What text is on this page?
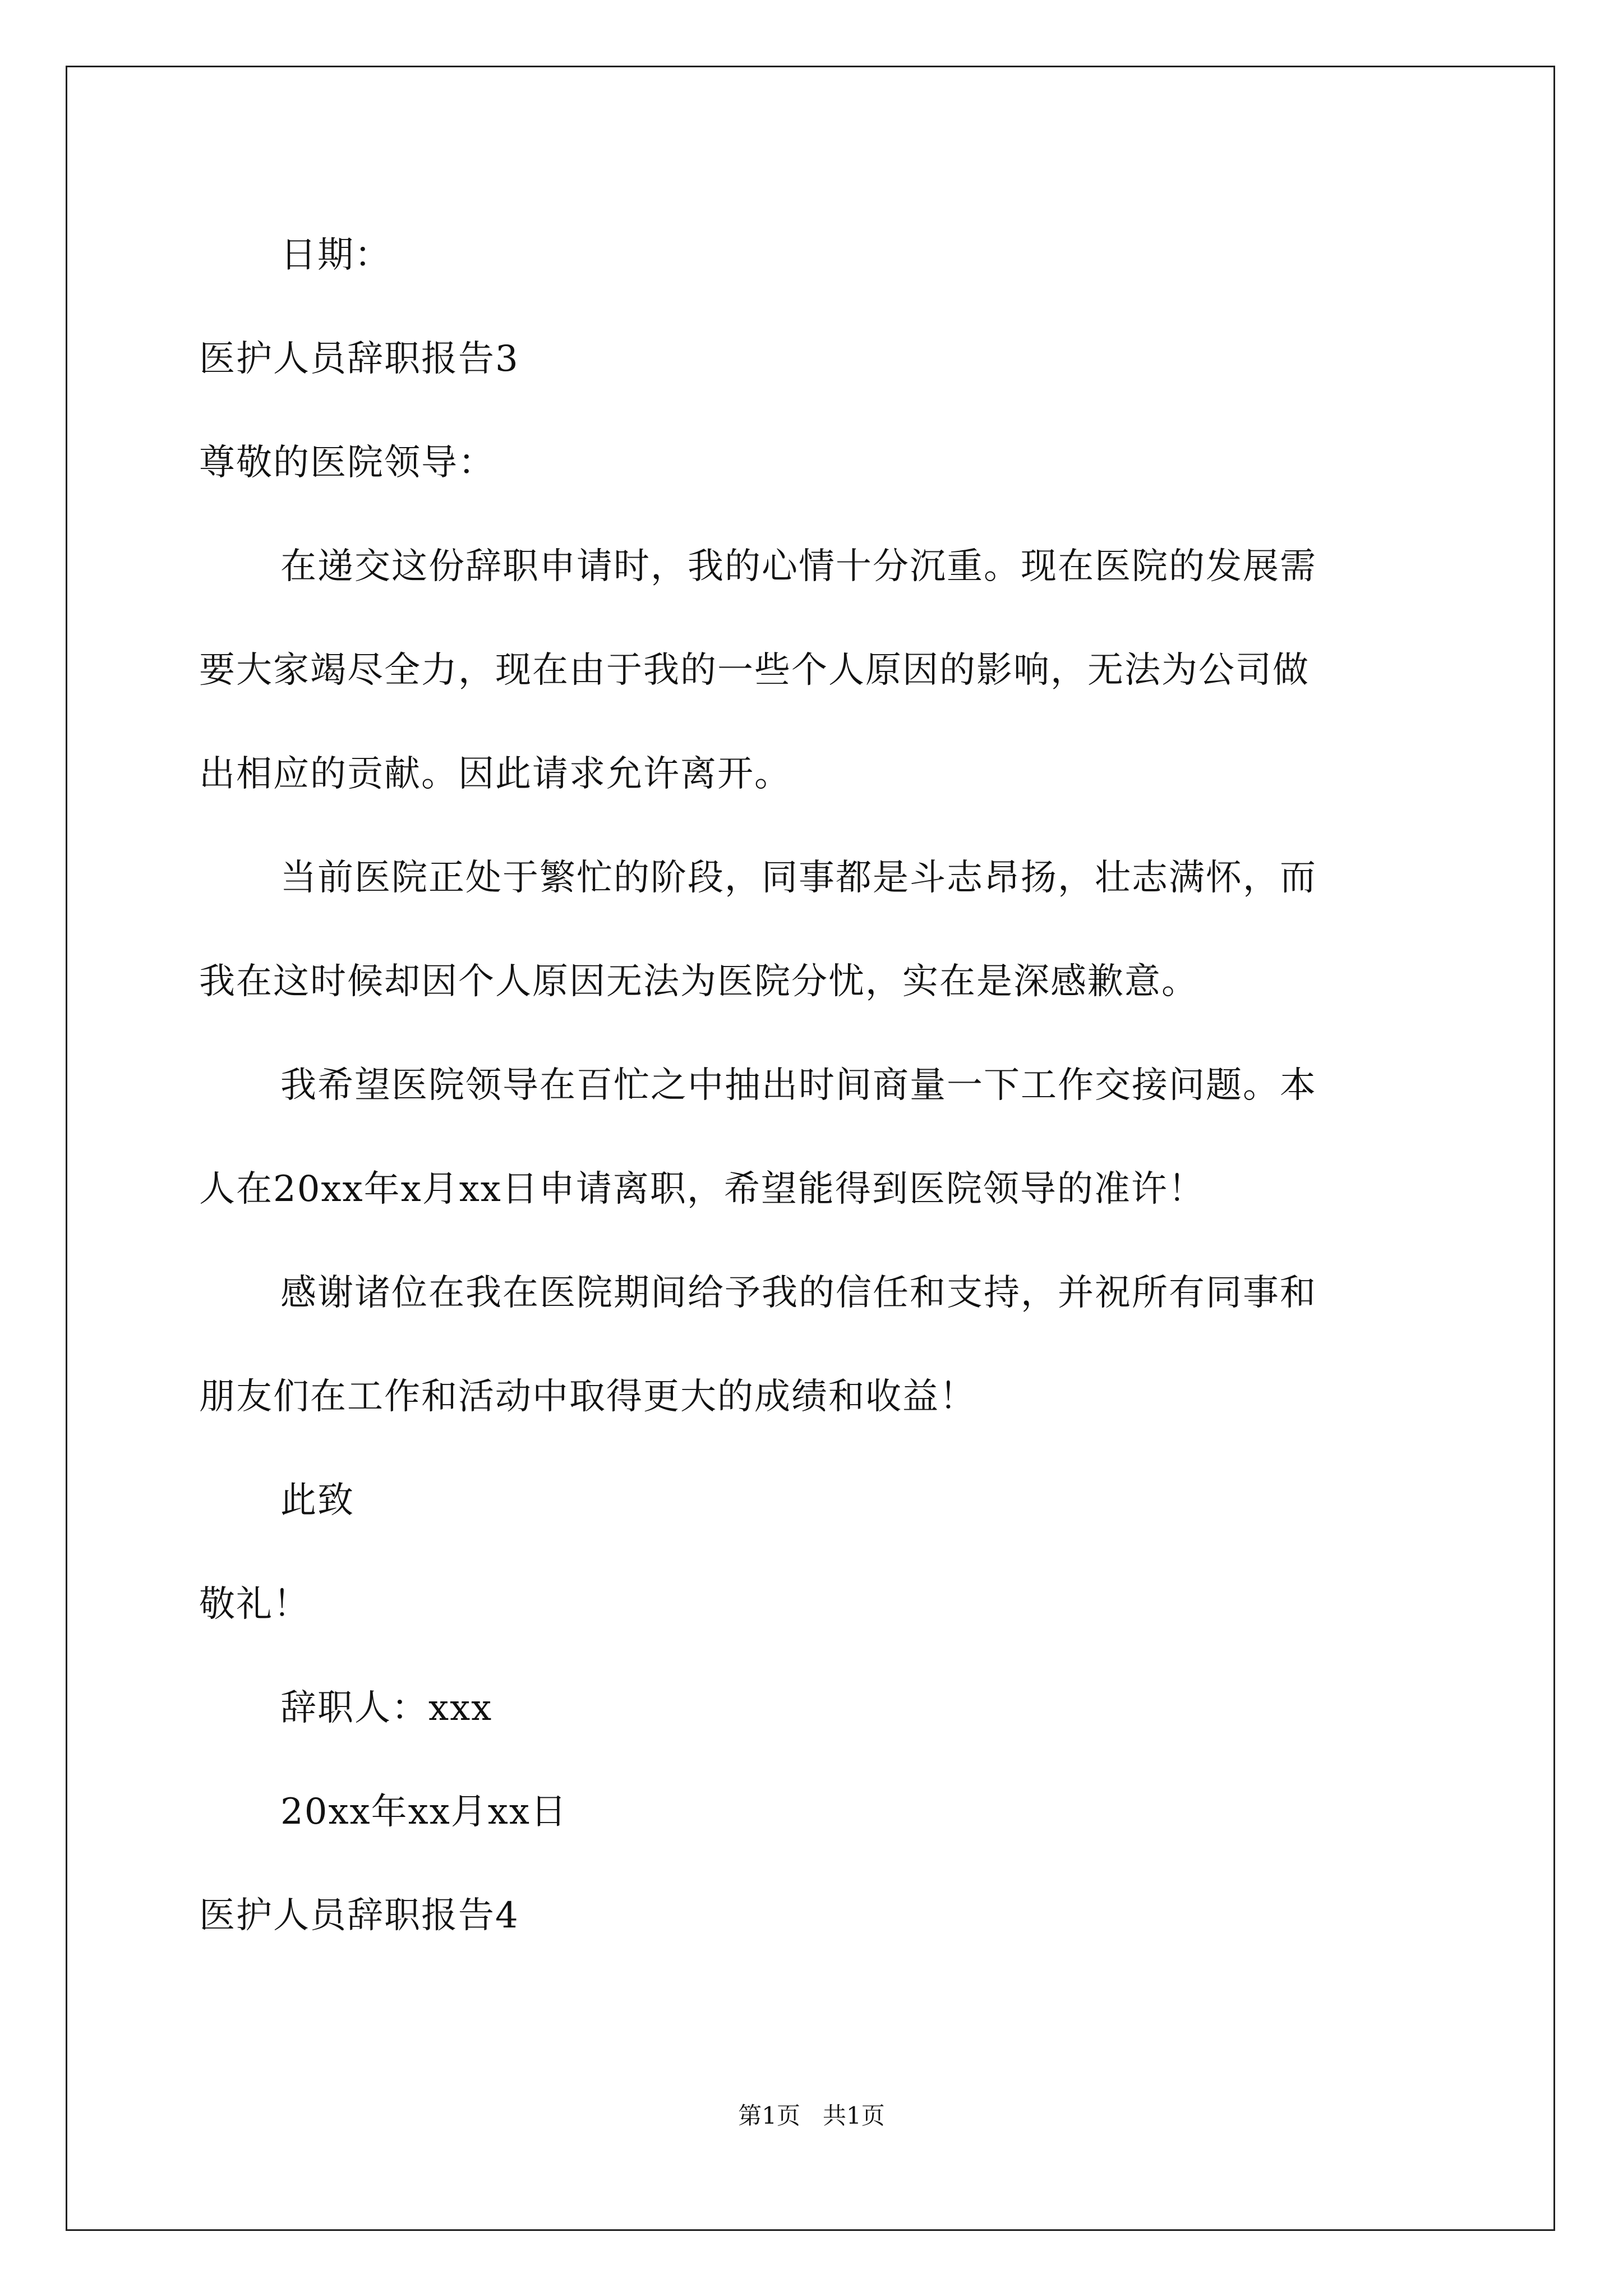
日期：
医护人员辞职报告3
尊敬的医院领导：
在递交这份辞职申请时，我的心情十分沉重。现在医院的发展需
要大家竭尽全力，现在由于我的一些个人原因的影响，无法为公司做
出相应的贡献。因此请求允许离开。
当前医院正处于繁忙的阶段，同事都是斗志昂扬，壮志满怀，而
我在这时候却因个人原因无法为医院分忧，实在是深感歉意。
我希望医院领导在百忙之中抽出时间商量一下工作交接问题。本
人在20xx年x月xx日申请离职，希望能得到医院领导的准许！
感谢诸位在我在医院期间给予我的信任和支持，并祝所有同事和
朋友们在工作和活动中取得更大的成绩和收益！
此致
敬礼！
辞职人：xxx
20xx年xx月xx日
医护人员辞职报告4
第1页   共1页
